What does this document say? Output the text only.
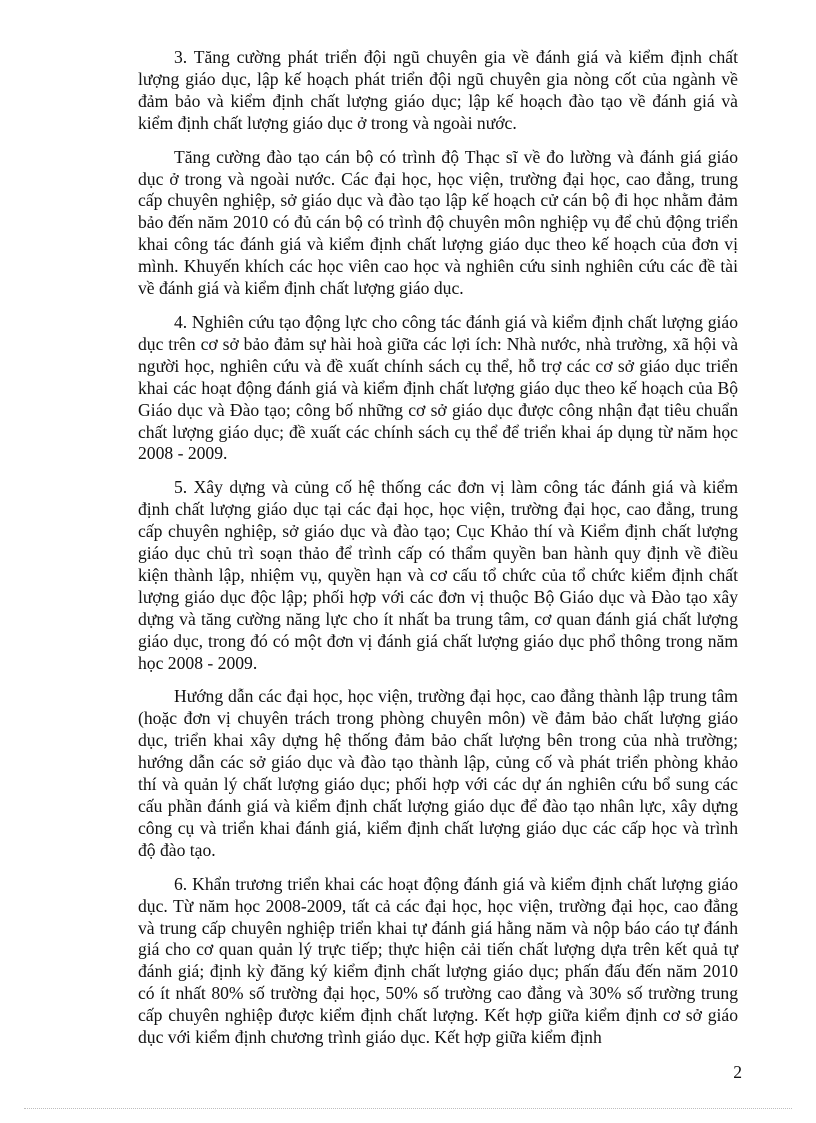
3. Tăng cường phát triển đội ngũ chuyên gia về đánh giá và kiểm định chất lượng giáo dục, lập kế hoạch phát triển đội ngũ chuyên gia nòng cốt của ngành về đảm bảo và kiểm định chất lượng giáo dục; lập kế hoạch đào tạo về đánh giá và kiểm định chất lượng giáo dục ở trong và ngoài nước.

Tăng cường đào tạo cán bộ có trình độ Thạc sĩ về đo lường và đánh giá giáo dục ở trong và ngoài nước. Các đại học, học viện, trường đại học, cao đẳng, trung cấp chuyên nghiệp, sở giáo dục và đào tạo lập kế hoạch cử cán bộ đi học nhằm đảm bảo đến năm 2010 có đủ cán bộ có trình độ chuyên môn nghiệp vụ để chủ động triển khai công tác đánh giá và kiểm định chất lượng giáo dục theo kế hoạch của đơn vị mình. Khuyến khích các học viên cao học và nghiên cứu sinh nghiên cứu các đề tài về đánh giá và kiểm định chất lượng giáo dục.

4. Nghiên cứu tạo động lực cho công tác đánh giá và kiểm định chất lượng giáo dục trên cơ sở bảo đảm sự hài hoà giữa các lợi ích: Nhà nước, nhà trường, xã hội và người học, nghiên cứu và đề xuất chính sách cụ thể, hỗ trợ các cơ sở giáo dục triển khai các hoạt động đánh giá và kiểm định chất lượng giáo dục theo kế hoạch của Bộ Giáo dục và Đào tạo; công bố những cơ sở giáo dục được công nhận đạt tiêu chuẩn chất lượng giáo dục; đề xuất các chính sách cụ thể để triển khai áp dụng từ năm học 2008 - 2009.

5. Xây dựng và củng cố hệ thống các đơn vị làm công tác đánh giá và kiểm định chất lượng giáo dục tại các đại học, học viện, trường đại học, cao đẳng, trung cấp chuyên nghiệp, sở giáo dục và đào tạo; Cục Khảo thí và Kiểm định chất lượng giáo dục chủ trì soạn thảo để trình cấp có thẩm quyền ban hành quy định về điều kiện thành lập, nhiệm vụ, quyền hạn và cơ cấu tổ chức của tổ chức kiểm định chất lượng giáo dục độc lập; phối hợp với các đơn vị thuộc Bộ Giáo dục và Đào tạo xây dựng và tăng cường năng lực cho ít nhất ba trung tâm, cơ quan đánh giá chất lượng giáo dục, trong đó có một đơn vị đánh giá chất lượng giáo dục phổ thông trong năm học 2008 - 2009.

Hướng dẫn các đại học, học viện, trường đại học, cao đẳng thành lập trung tâm (hoặc đơn vị chuyên trách trong phòng chuyên môn) về đảm bảo chất lượng giáo dục, triển khai xây dựng hệ thống đảm bảo chất lượng bên trong của nhà trường; hướng dẫn các sở giáo dục và đào tạo thành lập, củng cố và phát triển phòng khảo thí và quản lý chất lượng giáo dục; phối hợp với các dự án nghiên cứu bổ sung các cấu phần đánh giá và kiểm định chất lượng giáo dục để đào tạo nhân lực, xây dựng công cụ và triển khai đánh giá, kiểm định chất lượng giáo dục các cấp học và trình độ đào tạo.

6. Khẩn trương triển khai các hoạt động đánh giá và kiểm định chất lượng giáo dục. Từ năm học 2008-2009, tất cả các đại học, học viện, trường đại học, cao đẳng và trung cấp chuyên nghiệp triển khai tự đánh giá hằng năm và nộp báo cáo tự đánh giá cho cơ quan quản lý trực tiếp; thực hiện cải tiến chất lượng dựa trên kết quả tự đánh giá; định kỳ đăng ký kiểm định chất lượng giáo dục; phấn đấu đến năm 2010 có ít nhất 80% số trường đại học, 50% số trường cao đẳng và 30% số trường trung cấp chuyên nghiệp được kiểm định chất lượng. Kết hợp giữa kiểm định cơ sở giáo dục với kiểm định chương trình giáo dục. Kết hợp giữa kiểm định

2
